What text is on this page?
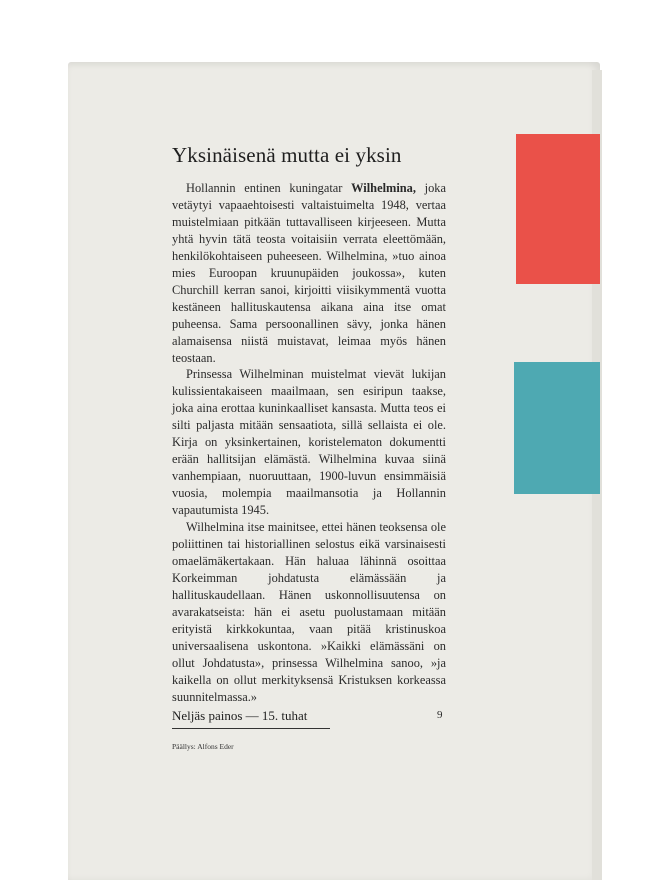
Yksinäisenä mutta ei yksin

Hollannin entinen kuningatar Wilhelmina, joka vetäytyi vapaaehtoisesti valtaistuimelta 1948, vertaa muistelmiaan pitkään tuttavalliseen kirjeeseen. Mutta yhtä hyvin tätä teosta voitaisiin verrata eleettömään, henkilökohtaiseen puheeseen. Wilhelmina, »tuo ainoa mies Euroopan kruunupäiden joukossa», kuten Churchill kerran sanoi, kirjoitti viisikymmentä vuotta kestäneen hallituskautensa aikana aina itse omat puheensa. Sama persoonallinen sävy, jonka hänen alamaisensa niistä muistavat, leimaa myös hänen teostaan.

Prinsessa Wilhelminan muistelmat vievät lukijan kulissientakaiseen maailmaan, sen esiripun taakse, joka aina erottaa kuninkaalliset kansasta. Mutta teos ei silti paljasta mitään sensaatiota, sillä sellaista ei ole. Kirja on yksinkertainen, koristelematon dokumentti erään hallitsijan elämästä. Wilhelmina kuvaa siinä vanhempiaan, nuoruuttaan, 1900-luvun ensimmäisiä vuosia, molempia maailmansotia ja Hollannin vapautumista 1945.

Wilhelmina itse mainitsee, ettei hänen teoksensa ole poliittinen tai historiallinen selostus eikä varsinaisesti omaelämäkertakaan. Hän haluaa lähinnä osoittaa Korkeimman johdatusta elämässään ja hallituskaudellaan. Hänen uskonnollisuutensa on avarakatseista: hän ei asetu puolustamaan mitään erityistä kirkkokuntaa, vaan pitää kristinuskoa universaalisena uskontona. »Kaikki elämässäni on ollut Johdatusta», prinsessa Wilhelmina sanoo, »ja kaikella on ollut merkityksensä Kristuksen korkeassa suunnitelmassa.»

Neljäs painos — 15. tuhat	9
Päällys: Alfons Eder
